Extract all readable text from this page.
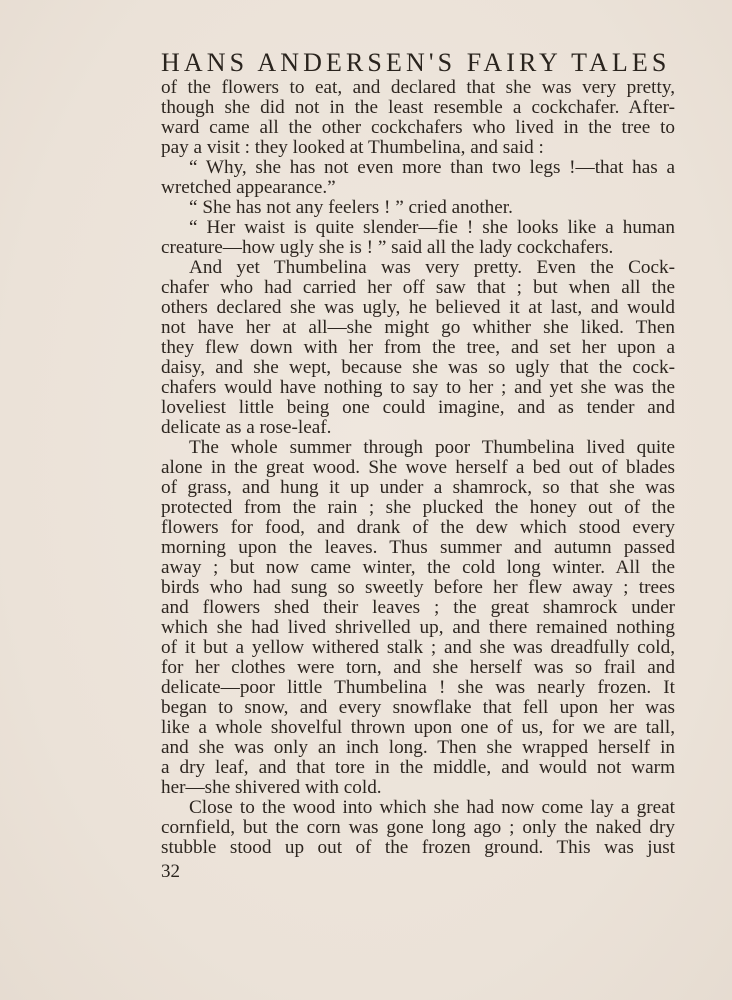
HANS ANDERSEN'S FAIRY TALES
of the flowers to eat, and declared that she was very pretty,
though she did not in the least resemble a cockchafer. After-
ward came all the other cockchafers who lived in the tree to
pay a visit : they looked at Thumbelina, and said :
“ Why, she has not even more than two legs !—that has a
wretched appearance.”
“ She has not any feelers ! ” cried another.
“ Her waist is quite slender—fie ! she looks like a human
creature—how ugly she is ! ” said all the lady cockchafers.
And yet Thumbelina was very pretty. Even the Cock-
chafer who had carried her off saw that ; but when all the
others declared she was ugly, he believed it at last, and would
not have her at all—she might go whither she liked. Then
they flew down with her from the tree, and set her upon a
daisy, and she wept, because she was so ugly that the cock-
chafers would have nothing to say to her ; and yet she was the
loveliest little being one could imagine, and as tender and
delicate as a rose-leaf.
The whole summer through poor Thumbelina lived quite
alone in the great wood. She wove herself a bed out of blades
of grass, and hung it up under a shamrock, so that she was
protected from the rain ; she plucked the honey out of the
flowers for food, and drank of the dew which stood every
morning upon the leaves. Thus summer and autumn passed
away ; but now came winter, the cold long winter. All the
birds who had sung so sweetly before her flew away ; trees
and flowers shed their leaves ; the great shamrock under
which she had lived shrivelled up, and there remained nothing
of it but a yellow withered stalk ; and she was dreadfully cold,
for her clothes were torn, and she herself was so frail and
delicate—poor little Thumbelina ! she was nearly frozen. It
began to snow, and every snowflake that fell upon her was
like a whole shovelful thrown upon one of us, for we are tall,
and she was only an inch long. Then she wrapped herself in
a dry leaf, and that tore in the middle, and would not warm
her—she shivered with cold.
Close to the wood into which she had now come lay a great
cornfield, but the corn was gone long ago ; only the naked dry
stubble stood up out of the frozen ground. This was just
32
